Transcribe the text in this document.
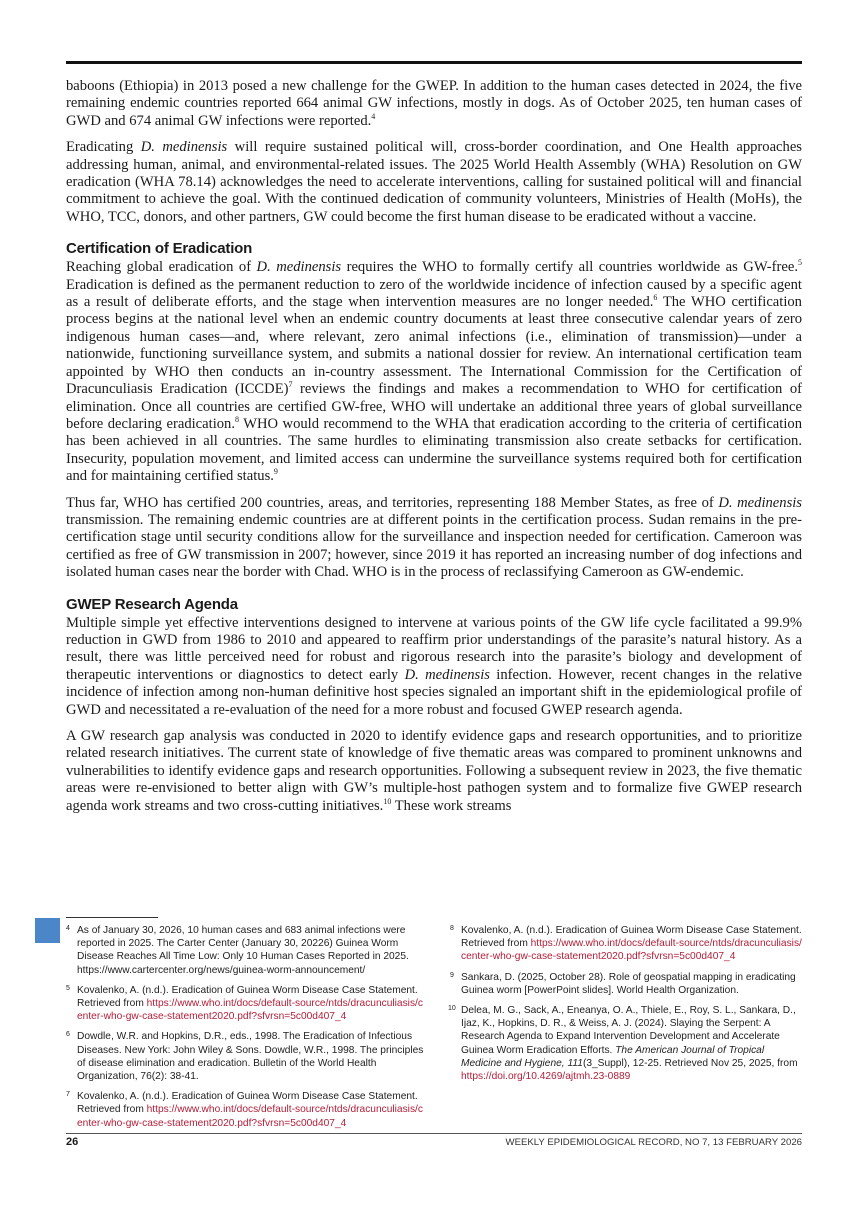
baboons (Ethiopia) in 2013 posed a new challenge for the GWEP. In addition to the human cases detected in 2024, the five remaining endemic countries reported 664 animal GW infections, mostly in dogs. As of October 2025, ten human cases of GWD and 674 animal GW infections were reported.$^4$

Eradicating D. medinensis will require sustained political will, cross-border coordination, and One Health approaches addressing human, animal, and environmental-related issues. The 2025 World Health Assembly (WHA) Resolution on GW eradication (WHA 78.14) acknowledges the need to accelerate interventions, calling for sustained political will and financial commitment to achieve the goal. With the continued dedication of community volunteers, Ministries of Health (MoHs), the WHO, TCC, donors, and other partners, GW could become the first human disease to be eradicated without a vaccine.

Certification of Eradication

Reaching global eradication of D. medinensis requires the WHO to formally certify all countries worldwide as GW-free.$^5$ Eradication is defined as the permanent reduction to zero of the worldwide incidence of infection caused by a specific agent as a result of deliberate efforts, and the stage when intervention measures are no longer needed.$^6$ The WHO certification process begins at the national level when an endemic country documents at least three consecutive calendar years of zero indigenous human cases—and, where relevant, zero animal infections (i.e., elimination of transmission)—under a nationwide, functioning surveillance system, and submits a national dossier for review. An international certification team appointed by WHO then conducts an in-country assessment. The International Commission for the Certification of Dracunculiasis Eradication (ICCDE)$^7$ reviews the findings and makes a recommendation to WHO for certification of elimination. Once all countries are certified GW-free, WHO will undertake an additional three years of global surveillance before declaring eradication.$^8$ WHO would recommend to the WHA that eradication according to the criteria of certification has been achieved in all countries. The same hurdles to eliminating transmission also create setbacks for certification. Insecurity, population movement, and limited access can undermine the surveillance systems required both for certification and for maintaining certified status.$^9$

Thus far, WHO has certified 200 countries, areas, and territories, representing 188 Member States, as free of D. medinensis transmission. The remaining endemic countries are at different points in the certification process. Sudan remains in the pre-certification stage until security conditions allow for the surveillance and inspection needed for certification. Cameroon was certified as free of GW transmission in 2007; however, since 2019 it has reported an increasing number of dog infections and isolated human cases near the border with Chad. WHO is in the process of reclassifying Cameroon as GW-endemic.

GWEP Research Agenda

Multiple simple yet effective interventions designed to intervene at various points of the GW life cycle facilitated a 99.9% reduction in GWD from 1986 to 2010 and appeared to reaffirm prior understandings of the parasite’s natural history. As a result, there was little perceived need for robust and rigorous research into the parasite’s biology and development of therapeutic interventions or diagnostics to detect early D. medinensis infection. However, recent changes in the relative incidence of infection among non-human definitive host species signaled an important shift in the epidemiological profile of GWD and necessitated a re-evaluation of the need for a more robust and focused GWEP research agenda.

A GW research gap analysis was conducted in 2020 to identify evidence gaps and research opportunities, and to prioritize related research initiatives. The current state of knowledge of five thematic areas was compared to prominent unknowns and vulnerabilities to identify evidence gaps and research opportunities. Following a subsequent review in 2023, the five thematic areas were re-envisioned to better align with GW’s multiple-host pathogen system and to formalize five GWEP research agenda work streams and two cross-cutting initiatives.$^{10}$ These work streams

4 As of January 30, 2026, 10 human cases and 683 animal infections were reported in 2025. The Carter Center (January 30, 20226) Guinea Worm Disease Reaches All Time Low: Only 10 Human Cases Reported in 2025. https://www.cartercenter.org/news/guinea-worm-announcement/
5 Kovalenko, A. (n.d.). Eradication of Guinea Worm Disease Case Statement. Retrieved from https://www.who.int/docs/default-source/ntds/dracunculiasis/center-who-gw-case-statement2020.pdf?sfvrsn=5c00d407_4
6 Dowdle, W.R. and Hopkins, D.R., eds., 1998. The Eradication of Infectious Diseases. New York: John Wiley & Sons. Dowdle, W.R., 1998. The principles of disease elimination and eradication. Bulletin of the World Health Organization, 76(2): 38-41.
7 Kovalenko, A. (n.d.). Eradication of Guinea Worm Disease Case Statement. Retrieved from https://www.who.int/docs/default-source/ntds/dracunculiasis/center-who-gw-case-statement2020.pdf?sfvrsn=5c00d407_4
8 Kovalenko, A. (n.d.). Eradication of Guinea Worm Disease Case Statement. Retrieved from https://www.who.int/docs/default-source/ntds/dracunculiasis/center-who-gw-case-statement2020.pdf?sfvrsn=5c00d407_4
9 Sankara, D. (2025, October 28). Role of geospatial mapping in eradicating Guinea worm [PowerPoint slides]. World Health Organization.
10 Delea, M. G., Sack, A., Eneanya, O. A., Thiele, E., Roy, S. L., Sankara, D., Ijaz, K., Hopkins, D. R., & Weiss, A. J. (2024). Slaying the Serpent: A Research Agenda to Expand Intervention Development and Accelerate Guinea Worm Eradication Efforts. The American Journal of Tropical Medicine and Hygiene, 111(3_Suppl), 12-25. Retrieved Nov 25, 2025, from https://doi.org/10.4269/ajtmh.23-0889
26	WEEKLY EPIDEMIOLOGICAL RECORD, NO 7, 13 FEBRUARY 2026
